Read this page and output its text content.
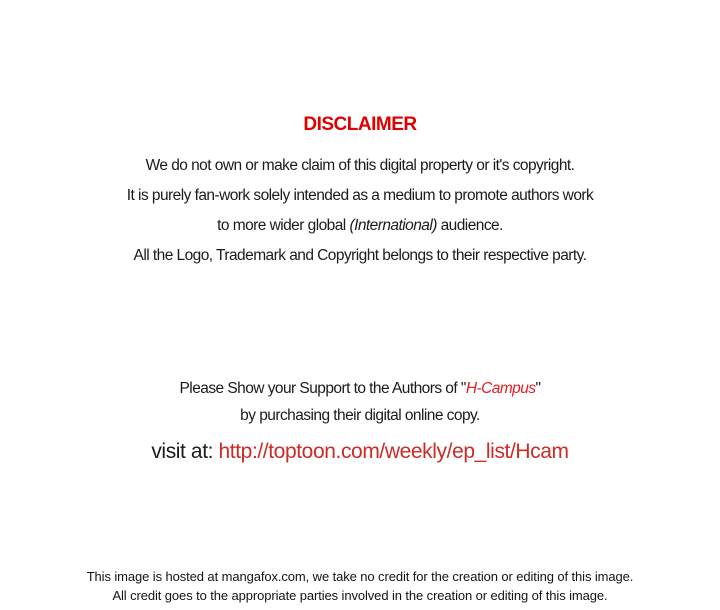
DISCLAIMER
We do not own or make claim of this digital property or it's copyright.
It is purely fan-work solely intended as a medium to promote authors work
to more wider global (International) audience.
All the Logo, Trademark and Copyright belongs to their respective party.
Please Show your Support to the Authors of "H-Campus"
by purchasing their digital online copy.
visit at: http://toptoon.com/weekly/ep_list/Hcam
This image is hosted at mangafox.com, we take no credit for the creation or editing of this image.
All credit goes to the appropriate parties involved in the creation or editing of this image.
